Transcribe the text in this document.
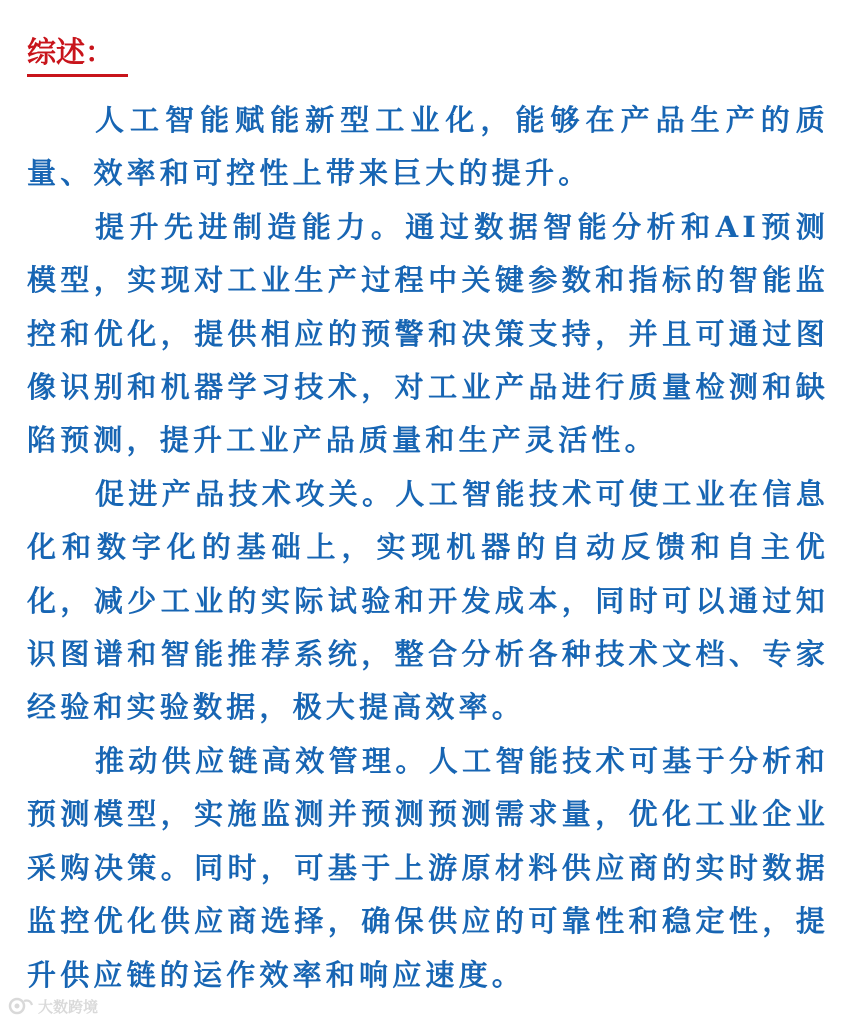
综述：

人工智能赋能新型工业化，能够在产品生产的质量、效率和可控性上带来巨大的提升。

提升先进制造能力。通过数据智能分析和AI预测模型，实现对工业生产过程中关键参数和指标的智能监控和优化，提供相应的预警和决策支持，并且可通过图像识别和机器学习技术，对工业产品进行质量检测和缺陷预测，提升工业产品质量和生产灵活性。

促进产品技术攻关。人工智能技术可使工业在信息化和数字化的基础上，实现机器的自动反馈和自主优化，减少工业的实际试验和开发成本，同时可以通过知识图谱和智能推荐系统，整合分析各种技术文档、专家经验和实验数据，极大提高效率。

推动供应链高效管理。人工智能技术可基于分析和预测模型，实施监测并预测预测需求量，优化工业企业采购决策。同时，可基于上游原材料供应商的实时数据监控优化供应商选择，确保供应的可靠性和稳定性，提升供应链的运作效率和响应速度。

大数跨境
